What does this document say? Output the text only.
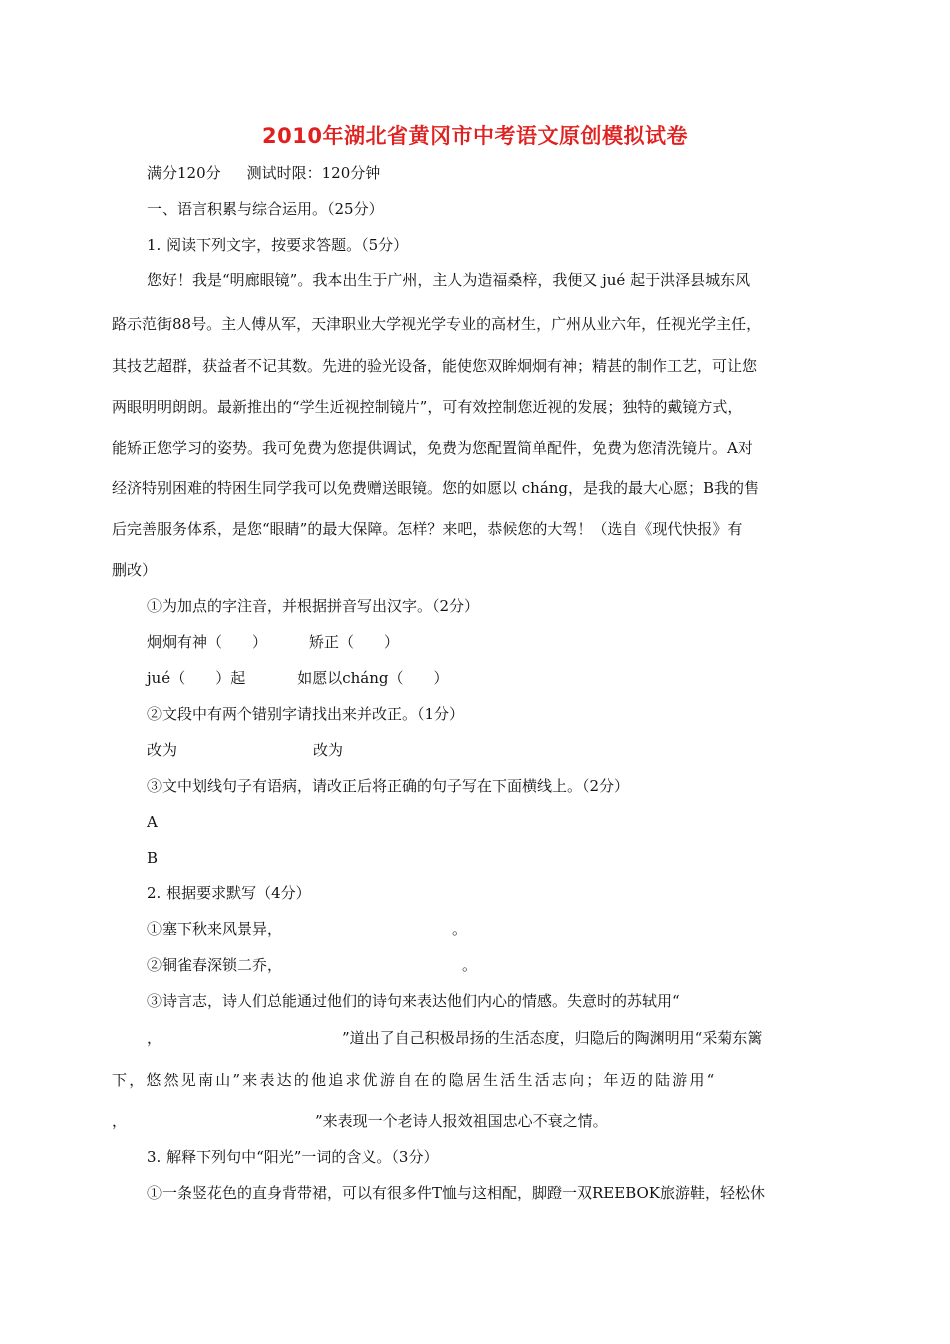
2010年湖北省黄冈市中考语文原创模拟试卷
满分120分 测试时限：120分钟
一、语言积累与综合运用。（25分）
1. 阅读下列文字，按要求答题。（5分）
您好！我是“明廊眼镜”。我本出生于广州，主人为造福桑梓，我便又 jué 起于洪泽县城东风
路示范街88号。主人傅从军，天津职业大学视光学专业的高材生，广州从业六年，任视光学主任，
其技艺超群，获益者不记其数。先进的验光设备，能使您双眸炯炯有神；精甚的制作工艺，可让您
两眼明明朗朗。最新推出的“学生近视控制镜片”，可有效控制您近视的发展；独特的戴镜方式，
能矫正您学习的姿势。我可免费为您提供调试，免费为您配置简单配件，免费为您清洗镜片。A对
经济特别困难的特困生同学我可以免费赠送眼镜。您的如愿以 cháng，是我的最大心愿；B我的售
后完善服务体系，是您“眼睛”的最大保障。怎样？来吧，恭候您的大驾！（选自《现代快报》有
删改）
①为加点的字注音，并根据拼音写出汉字。（2分）
炯炯有神（　　）	矫正（　　）
jué（　　）起	如愿以cháng（　　）
②文段中有两个错别字请找出来并改正。（1分）
改为	改为
③文中划线句子有语病，请改正后将正确的句子写在下面横线上。（2分）
A
B
2. 根据要求默写（4分）
①塞下秋来风景异，	。
②铜雀春深锁二乔，	。
③诗言志，诗人们总能通过他们的诗句来表达他们内心的情感。失意时的苏轼用“
，	”道出了自己积极昂扬的生活态度，归隐后的陶渊明用“采菊东篱
下，悠然见南山”来表达的他追求优游自在的隐居生活生活志向；年迈的陆游用“
，	”来表现一个老诗人报效祖国忠心不衰之情。
3. 解释下列句中“阳光”一词的含义。（3分）
①一条竖花色的直身背带裙，可以有很多件T恤与这相配，脚蹬一双REEBOK旅游鞋，轻松休
